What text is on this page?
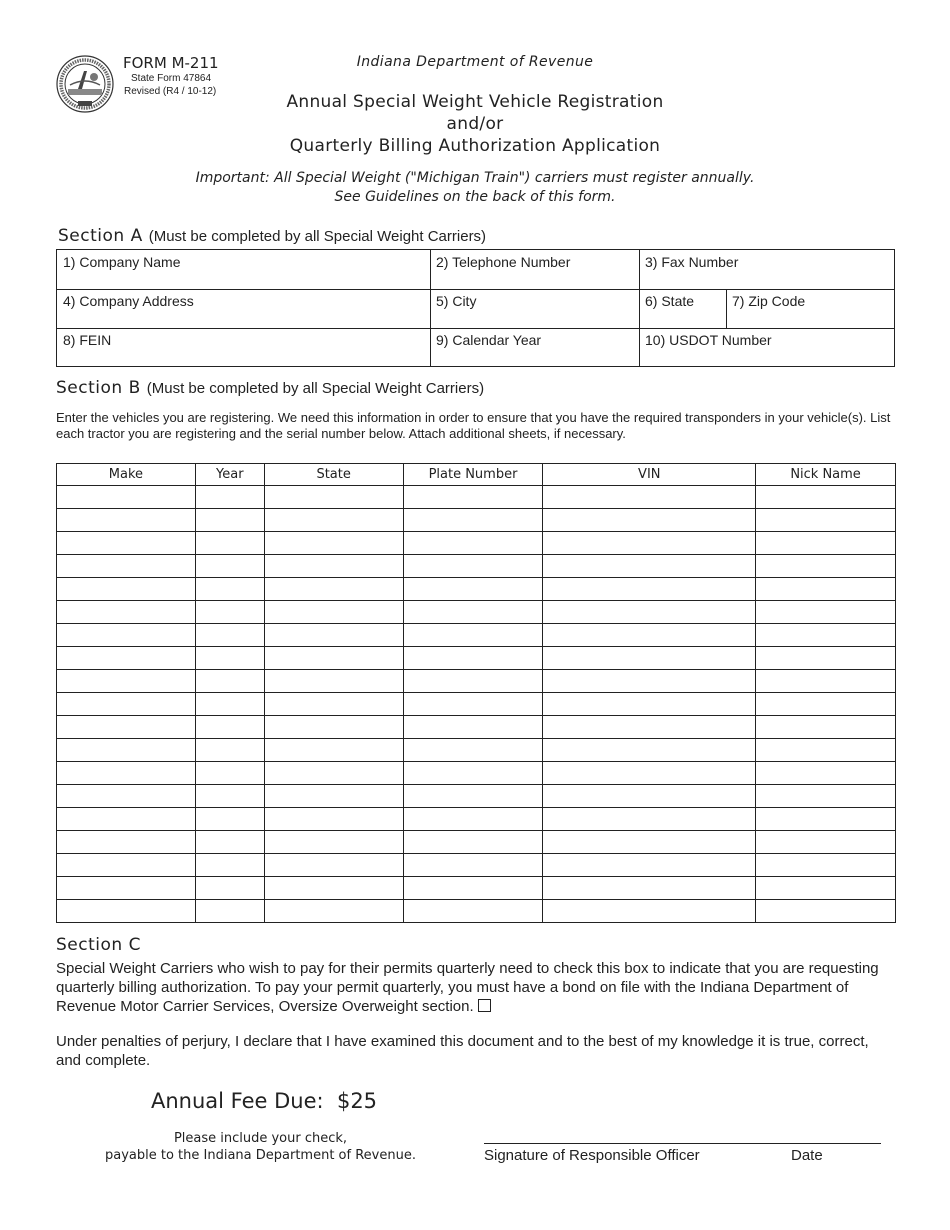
FORM M-211
State Form 47864
Revised (R4 / 10-12)
Indiana Department of Revenue
Annual Special Weight Vehicle Registration
and/or
Quarterly Billing Authorization Application
Important: All Special Weight ("Michigan Train") carriers must register annually.
See Guidelines on the back of this form.
Section A (Must be completed by all Special Weight Carriers)
1) Company Name	2) Telephone Number	3) Fax Number
4) Company Address	5) City	6) State	7) Zip Code
8) FEIN	9) Calendar Year	10) USDOT Number
Section B (Must be completed by all Special Weight Carriers)
Enter the vehicles you are registering. We need this information in order to ensure that you have the required transponders in your vehicle(s). List each tractor you are registering and the serial number below. Attach additional sheets, if necessary.
Make	Year	State	Plate Number	VIN	Nick Name

Section C
Special Weight Carriers who wish to pay for their permits quarterly need to check this box to indicate that you are requesting quarterly billing authorization. To pay your permit quarterly, you must have a bond on file with the Indiana Department of Revenue Motor Carrier Services, Oversize Overweight section.
Under penalties of perjury, I declare that I have examined this document and to the best of my knowledge it is true, correct, and complete.
Annual Fee Due: $25
Please include your check,
payable to the Indiana Department of Revenue.	Signature of Responsible Officer	Date
